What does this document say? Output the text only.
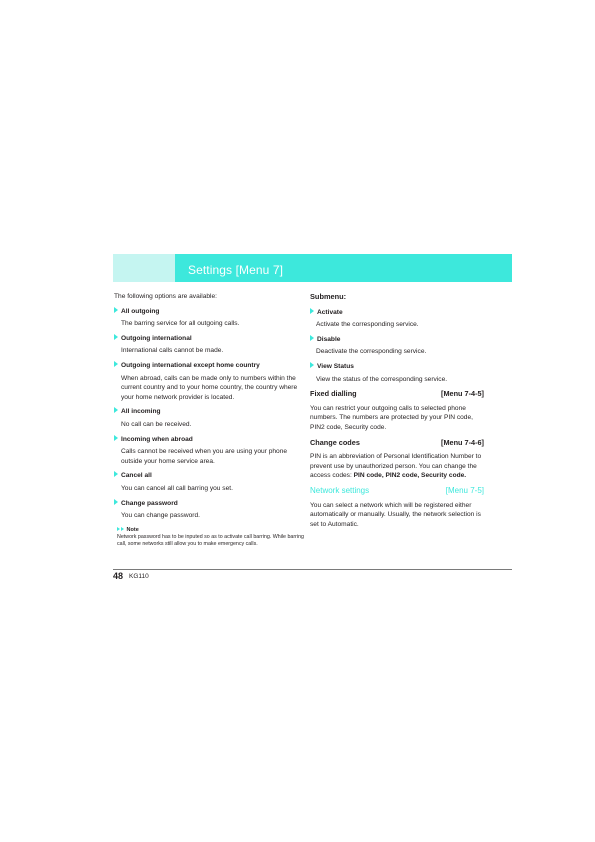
Settings [Menu 7]

The following options are available:

All outgoing

The barring service for all outgoing calls.

Outgoing international

International calls cannot be made.

Outgoing international except home country

When abroad, calls can be made only to numbers within the current country and to your home country, the country where your home network provider is located.

All incoming

No call can be received.

Incoming when abroad

Calls cannot be received when you are using your phone outside your home service area.

Cancel all

You can cancel all call barring you set.

Change password

You can change password.

Note

Network password has to be inputed so as to activate call barring. While barring call, some networks still allow you to make emergency calls.

Submenu:

Activate

Activate the corresponding service.

Disable

Deactivate the corresponding service.

View Status

View the status of the corresponding service.

Fixed dialling	[Menu 7-4-5]

You can restrict your outgoing calls to selected phone numbers. The numbers are protected by your PIN code, PIN2 code, Security code.

Change codes	[Menu 7-4-6]

PIN is an abbreviation of Personal Identification Number to prevent use by unauthorized person. You can change the access codes: PIN code, PIN2 code, Security code.

Network settings	[Menu 7-5]

You can select a network which will be registered either automatically or manually. Usually, the network selection is set to Automatic.

48 KG110
